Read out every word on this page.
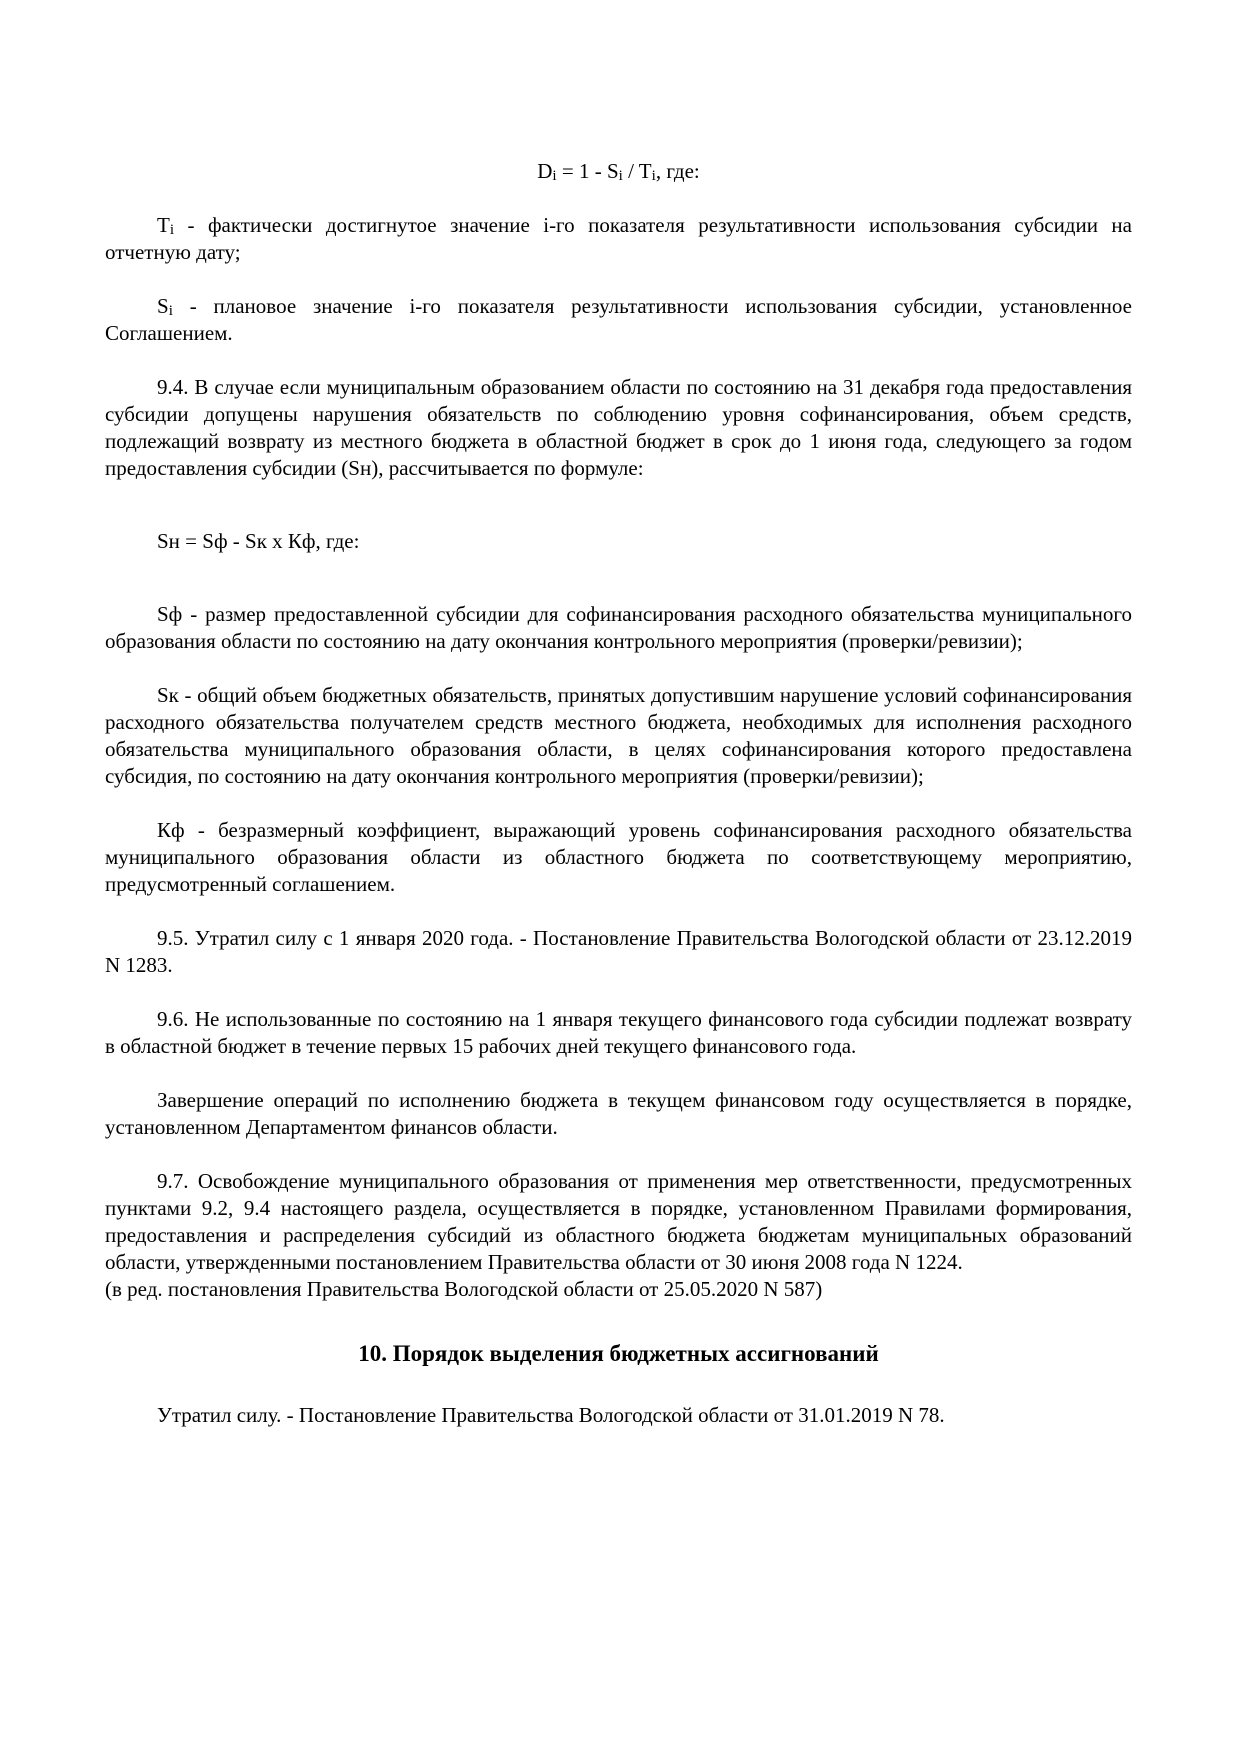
$D_i = 1 - S_i / T_i$, где:

$T_i$ - фактически достигнутое значение i-го показателя результативности использования субсидии на отчетную дату;

$S_i$ - плановое значение i-го показателя результативности использования субсидии, установленное Соглашением.

9.4. В случае если муниципальным образованием области по состоянию на 31 декабря года предоставления субсидии допущены нарушения обязательств по соблюдению уровня софинансирования, объем средств, подлежащий возврату из местного бюджета в областной бюджет в срок до 1 июня года, следующего за годом предоставления субсидии (Sн), рассчитывается по формуле:

Sн = Sф - Sк x Кф, где:

Sф - размер предоставленной субсидии для софинансирования расходного обязательства муниципального образования области по состоянию на дату окончания контрольного мероприятия (проверки/ревизии);

Sк - общий объем бюджетных обязательств, принятых допустившим нарушение условий софинансирования расходного обязательства получателем средств местного бюджета, необходимых для исполнения расходного обязательства муниципального образования области, в целях софинансирования которого предоставлена субсидия, по состоянию на дату окончания контрольного мероприятия (проверки/ревизии);

Кф - безразмерный коэффициент, выражающий уровень софинансирования расходного обязательства муниципального образования области из областного бюджета по соответствующему мероприятию, предусмотренный соглашением.

9.5. Утратил силу с 1 января 2020 года. - Постановление Правительства Вологодской области от 23.12.2019 N 1283.

9.6. Не использованные по состоянию на 1 января текущего финансового года субсидии подлежат возврату в областной бюджет в течение первых 15 рабочих дней текущего финансового года.

Завершение операций по исполнению бюджета в текущем финансовом году осуществляется в порядке, установленном Департаментом финансов области.

9.7. Освобождение муниципального образования от применения мер ответственности, предусмотренных пунктами 9.2, 9.4 настоящего раздела, осуществляется в порядке, установленном Правилами формирования, предоставления и распределения субсидий из областного бюджета бюджетам муниципальных образований области, утвержденными постановлением Правительства области от 30 июня 2008 года N 1224.

(в ред. постановления Правительства Вологодской области от 25.05.2020 N 587)

10. Порядок выделения бюджетных ассигнований

Утратил силу. - Постановление Правительства Вологодской области от 31.01.2019 N 78.
